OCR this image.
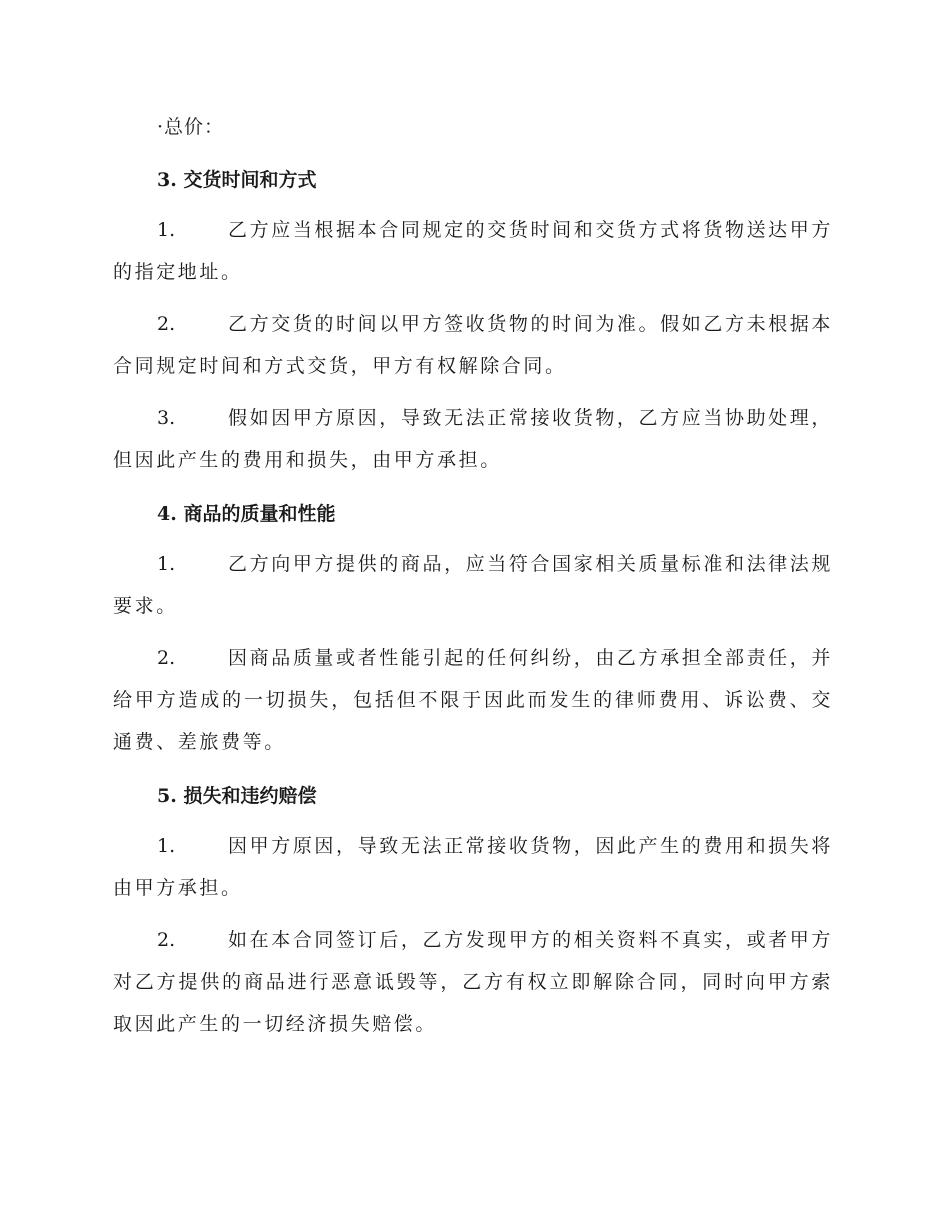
·总价：
3. 交货时间和方式
1.	乙方应当根据本合同规定的交货时间和交货方式将货物送达甲方的指定地址。
2.	乙方交货的时间以甲方签收货物的时间为准。假如乙方未根据本合同规定时间和方式交货，甲方有权解除合同。
3.	假如因甲方原因，导致无法正常接收货物，乙方应当协助处理，但因此产生的费用和损失，由甲方承担。
4. 商品的质量和性能
1.	乙方向甲方提供的商品，应当符合国家相关质量标准和法律法规要求。
2.	因商品质量或者性能引起的任何纠纷，由乙方承担全部责任，并给甲方造成的一切损失，包括但不限于因此而发生的律师费用、诉讼费、交通费、差旅费等。
5. 损失和违约赔偿
1.	因甲方原因，导致无法正常接收货物，因此产生的费用和损失将由甲方承担。
2.	如在本合同签订后，乙方发现甲方的相关资料不真实，或者甲方对乙方提供的商品进行恶意诋毁等，乙方有权立即解除合同，同时向甲方索取因此产生的一切经济损失赔偿。
